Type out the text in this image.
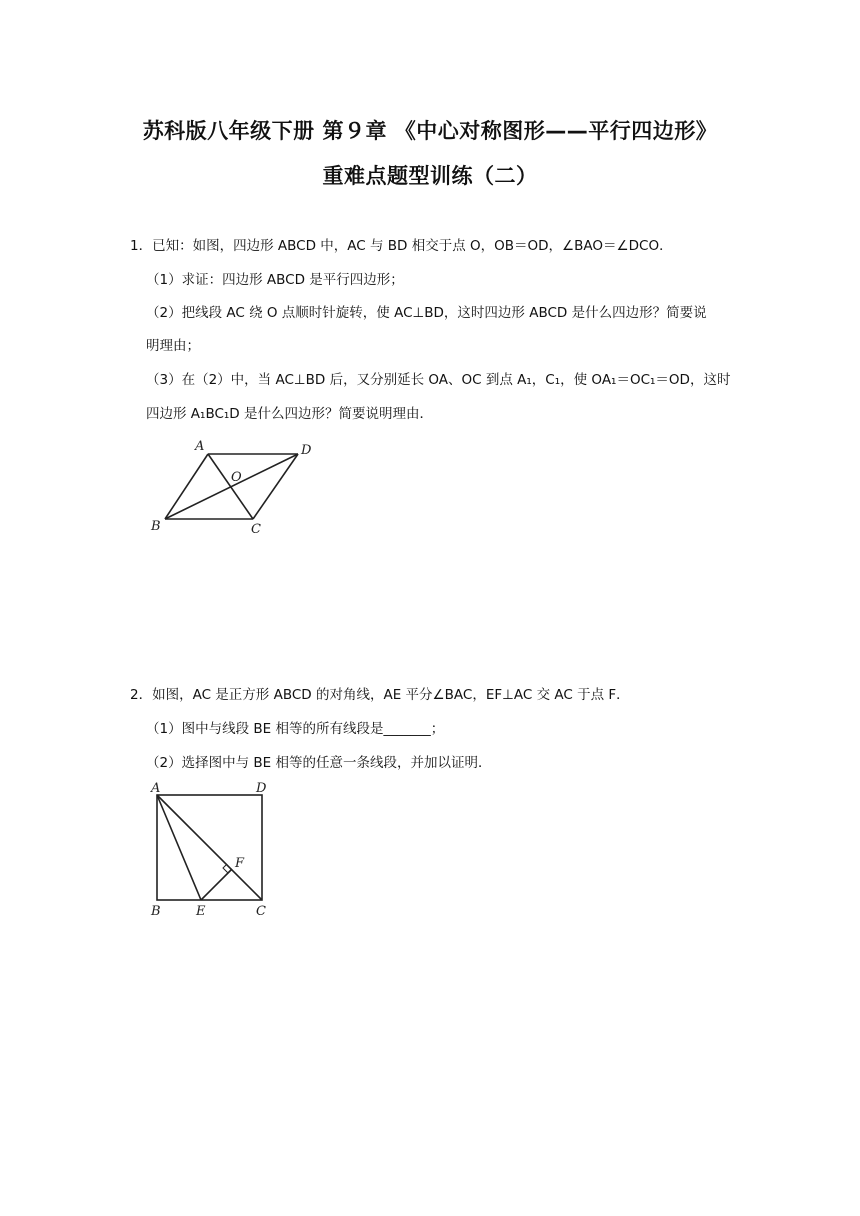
苏科版八年级下册 第９章 《中心对称图形——平行四边形》
重难点题型训练（二）
1．已知：如图，四边形 ABCD 中，AC 与 BD 相交于点 O，OB＝OD，∠BAO＝∠DCO．
（1）求证：四边形 ABCD 是平行四边形；
（2）把线段 AC 绕 O 点顺时针旋转，使 AC⊥BD，这时四边形 ABCD 是什么四边形？简要说
明理由；
（3）在（2）中，当 AC⊥BD 后，又分别延长 OA、OC 到点 A₁，C₁，使 OA₁＝OC₁＝OD，这时
四边形 A₁BC₁D 是什么四边形？简要说明理由．
A	D
O
B	C
2．如图，AC 是正方形 ABCD 的对角线，AE 平分∠BAC，EF⊥AC 交 AC 于点 F．
（1）图中与线段 BE 相等的所有线段是_______；
（2）选择图中与 BE 相等的任意一条线段，并加以证明．
A	D
F
B	E	C
